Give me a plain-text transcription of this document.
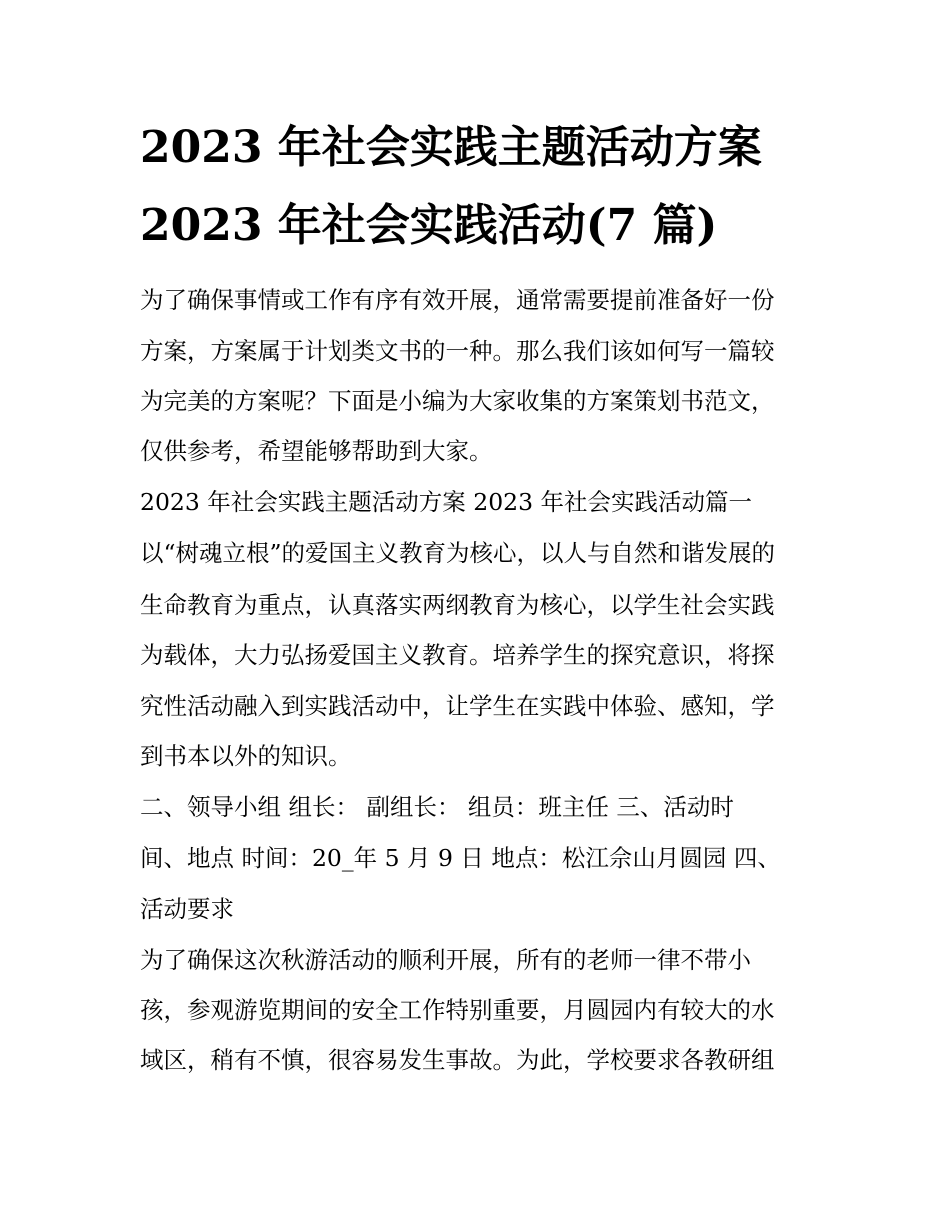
2023 年社会实践主题活动方案
2023 年社会实践活动(7 篇)
为了确保事情或工作有序有效开展，通常需要提前准备好一份
方案，方案属于计划类文书的一种。那么我们该如何写一篇较
为完美的方案呢？下面是小编为大家收集的方案策划书范文，
仅供参考，希望能够帮助到大家。
2023 年社会实践主题活动方案 2023 年社会实践活动篇一
以“树魂立根”的爱国主义教育为核心，以人与自然和谐发展的
生命教育为重点，认真落实两纲教育为核心，以学生社会实践
为载体，大力弘扬爱国主义教育。培养学生的探究意识，将探
究性活动融入到实践活动中，让学生在实践中体验、感知，学
到书本以外的知识。
二、领导小组 组长： 副组长： 组员：班主任 三、活动时
间、地点 时间：20_年 5 月 9 日 地点：松江佘山月圆园 四、
活动要求
为了确保这次秋游活动的顺利开展，所有的老师一律不带小
孩，参观游览期间的安全工作特别重要，月圆园内有较大的水
域区，稍有不慎，很容易发生事故。为此，学校要求各教研组
